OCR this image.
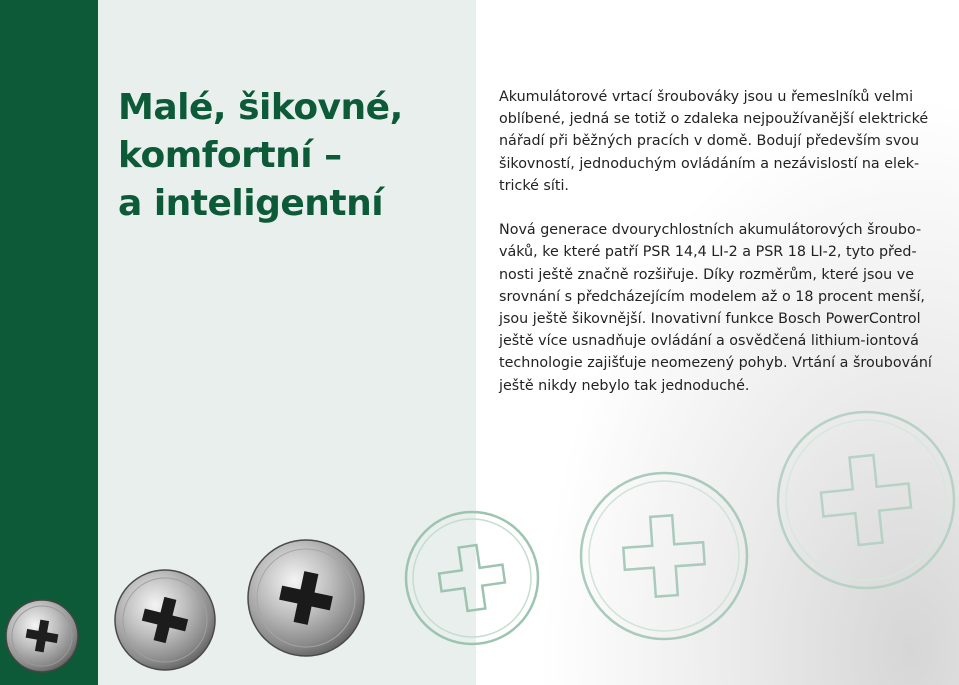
Malé, šikovné,
komfortní –
a inteligentní

Akumulátorové vrtací šroubováky jsou u řemeslníků velmi
oblíbené, jedná se totiž o zdaleka nejpoužívanější elektrické
nářadí při běžných pracích v domě. Bodují především svou
šikovností, jednoduchým ovládáním a nezávislostí na elek-
trické síti.

Nová generace dvourychlostních akumulátorových šroubo-
váků, ke které patří PSR 14,4 LI-2 a PSR 18 LI-2, tyto před-
nosti ještě značně rozšiřuje. Díky rozměrům, které jsou ve
srovnání s předcházejícím modelem až o 18 procent menší,
jsou ještě šikovnější. Inovativní funkce Bosch PowerControl
ještě více usnadňuje ovládání a osvědčená lithium-iontová
technologie zajišťuje neomezený pohyb. Vrtání a šroubování
ještě nikdy nebylo tak jednoduché.
